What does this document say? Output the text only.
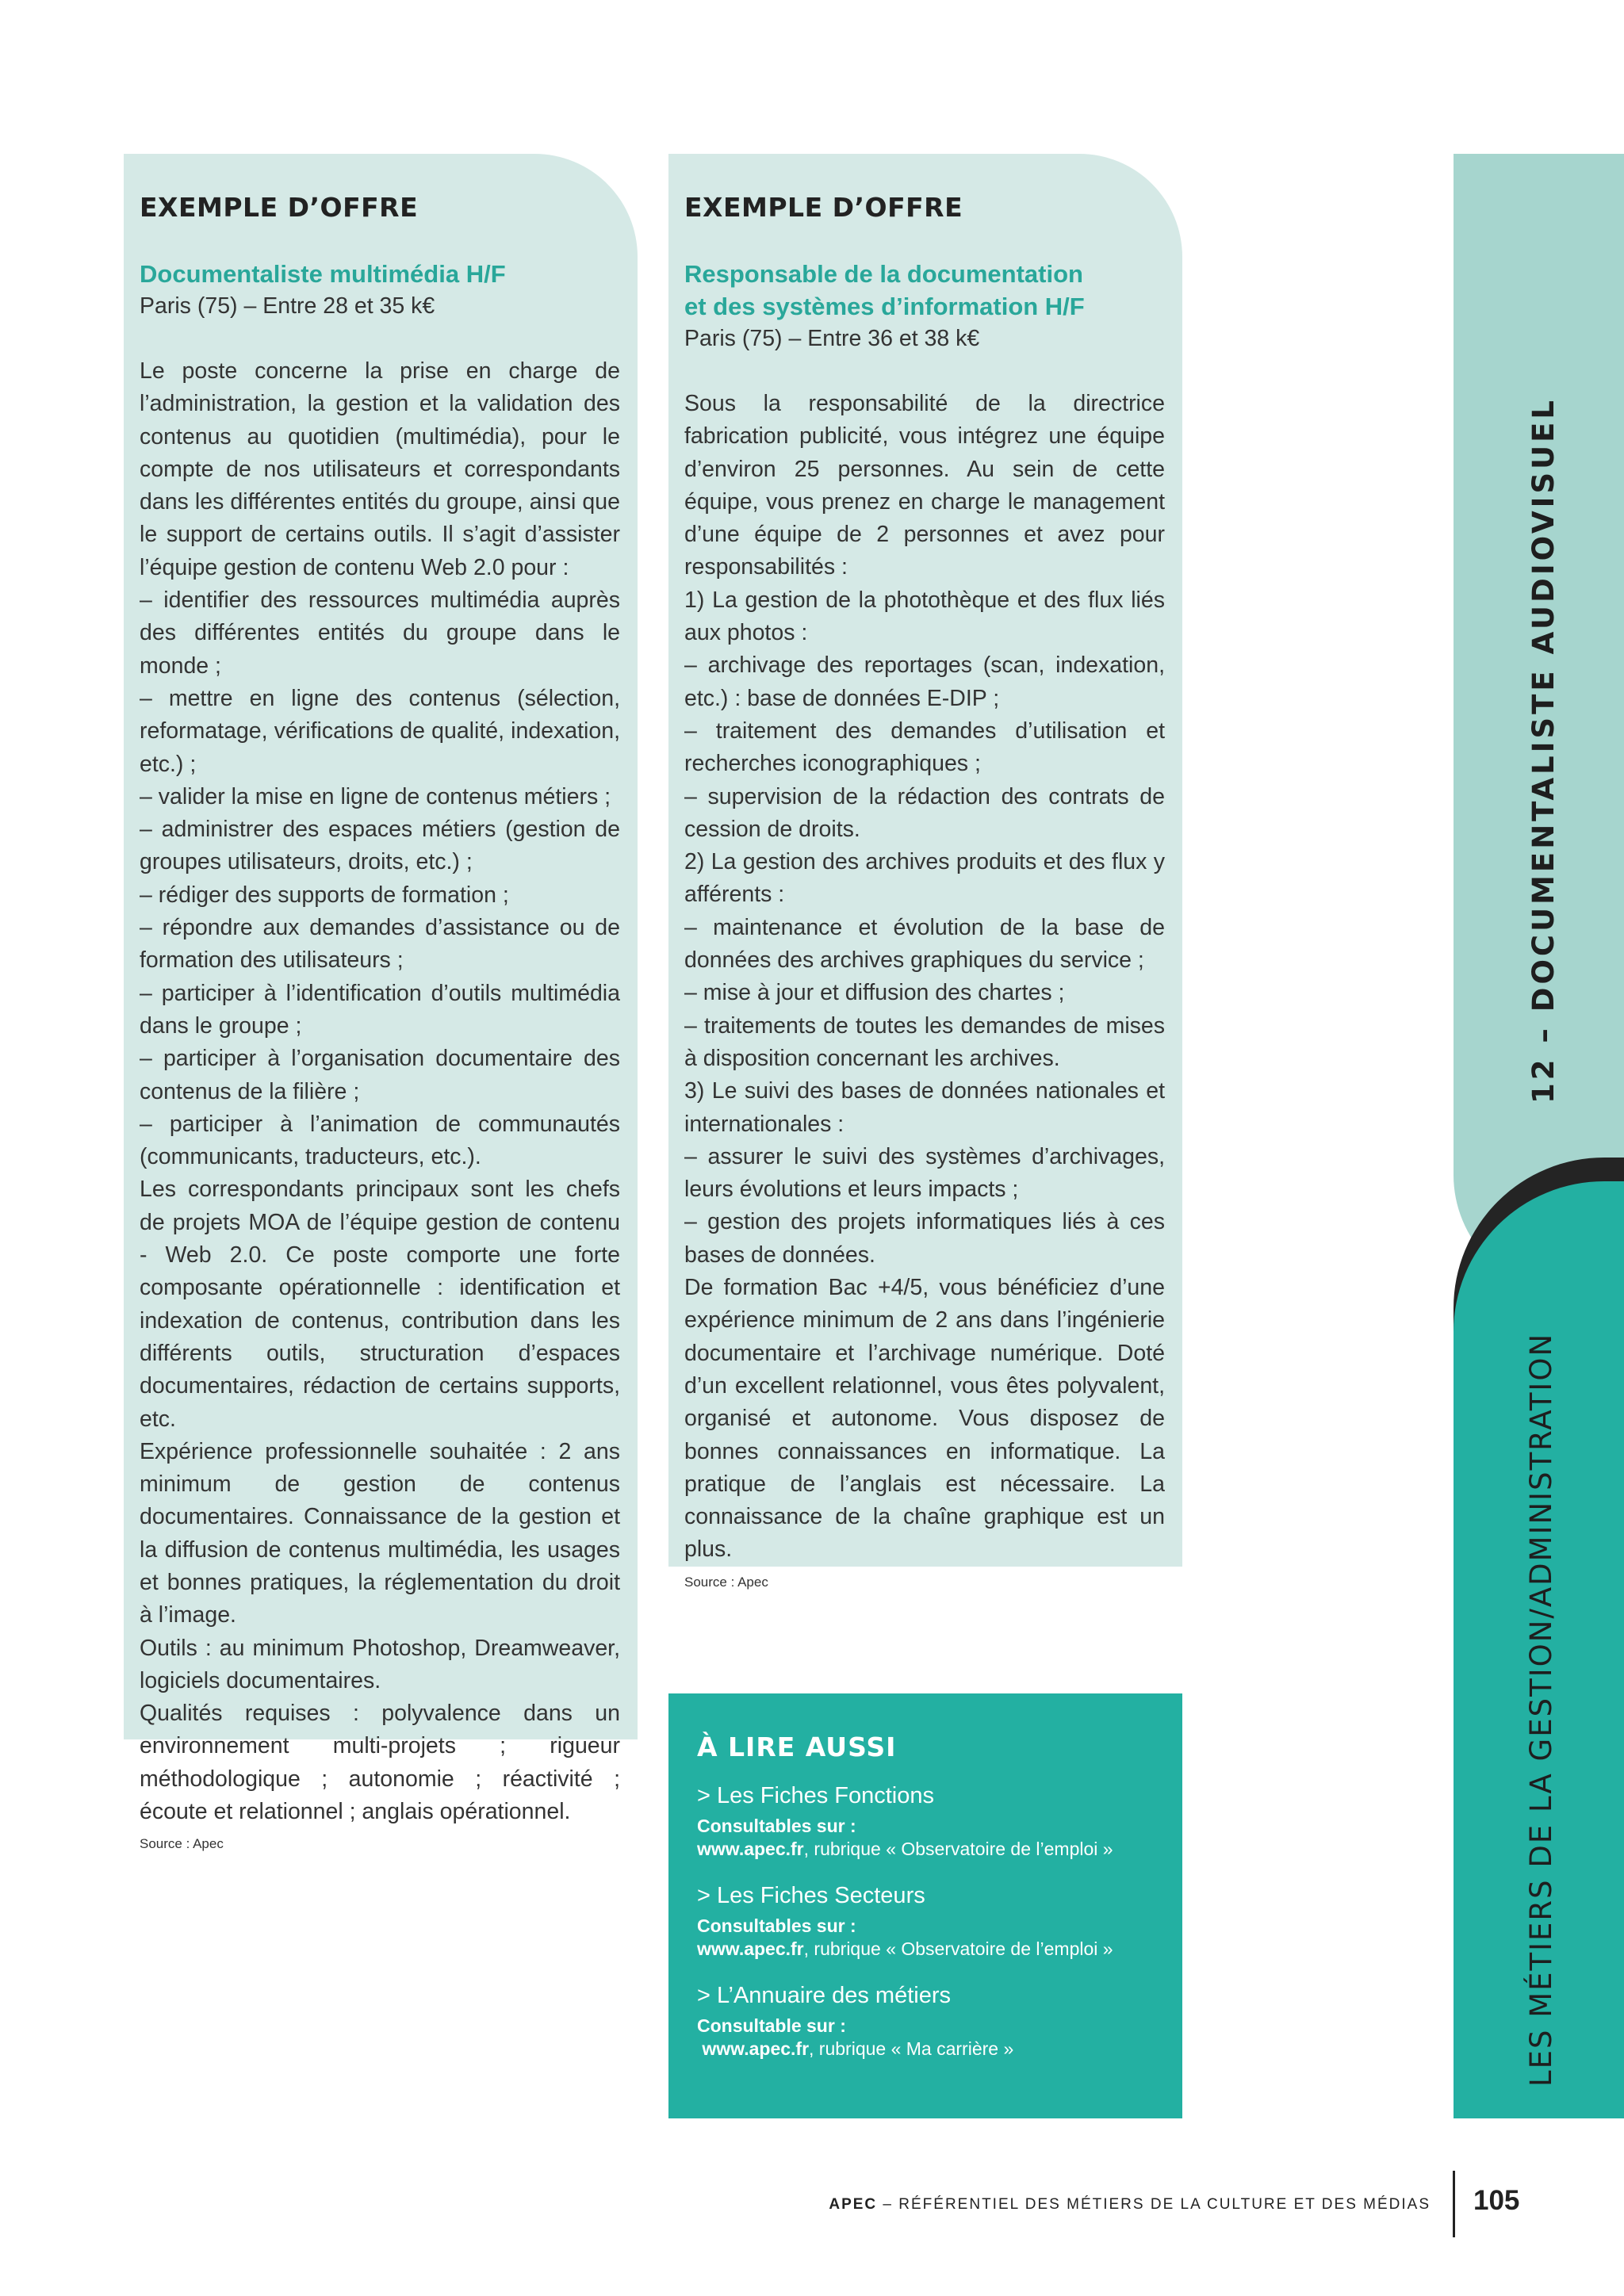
EXEMPLE D’OFFRE
Documentaliste multimédia H/F
Paris (75) – Entre 28 et 35 k€
Le poste concerne la prise en charge de l’administration, la gestion et la validation des contenus au quotidien (multimédia), pour le compte de nos utilisateurs et correspondants dans les différentes entités du groupe, ainsi que le support de certains outils. Il s’agit d’assister l’équipe gestion de contenu Web 2.0 pour :
– identifier des ressources multimédia auprès des différentes entités du groupe dans le monde ;
– mettre en ligne des contenus (sélection, reformatage, vérifications de qualité, indexation, etc.) ;
– valider la mise en ligne de contenus métiers ;
– administrer des espaces métiers (gestion de groupes utilisateurs, droits, etc.) ;
– rédiger des supports de formation ;
– répondre aux demandes d’assistance ou de formation des utilisateurs ;
– participer à l’identification d’outils multimédia dans le groupe ;
– participer à l’organisation documentaire des contenus de la filière ;
– participer à l’animation de communautés (communicants, traducteurs, etc.).
Les correspondants principaux sont les chefs de projets MOA de l’équipe gestion de contenu - Web 2.0. Ce poste comporte une forte composante opérationnelle : identification et indexation de contenus, contribution dans les différents outils, structuration d’espaces documentaires, rédaction de certains supports, etc.
Expérience professionnelle souhaitée : 2 ans minimum de gestion de contenus documentaires. Connaissance de la gestion et la diffusion de contenus multimédia, les usages et bonnes pratiques, la réglementation du droit à l’image.
Outils : au minimum Photoshop, Dreamweaver, logiciels documentaires.
Qualités requises : polyvalence dans un environnement multi-projets ; rigueur méthodologique ; autonomie ; réactivité ; écoute et relationnel ; anglais opérationnel.
Source : Apec
EXEMPLE D’OFFRE
Responsable de la documentation
et des systèmes d’information H/F
Paris (75) – Entre 36 et 38 k€
Sous la responsabilité de la directrice fabrication publicité, vous intégrez une équipe d’environ 25 personnes. Au sein de cette équipe, vous prenez en charge le management d’une équipe de 2 personnes et avez pour responsabilités :
1) La gestion de la photothèque et des flux liés aux photos :
– archivage des reportages (scan, indexation, etc.) : base de données E-DIP ;
– traitement des demandes d’utilisation et recherches iconographiques ;
– supervision de la rédaction des contrats de cession de droits.
2) La gestion des archives produits et des flux y afférents :
– maintenance et évolution de la base de données des archives graphiques du service ;
– mise à jour et diffusion des chartes ;
– traitements de toutes les demandes de mises à disposition concernant les archives.
3) Le suivi des bases de données nationales et internationales :
– assurer le suivi des systèmes d’archivages, leurs évolutions et leurs impacts ;
– gestion des projets informatiques liés à ces bases de données.
De formation Bac +4/5, vous bénéficiez d’une expérience minimum de 2 ans dans l’ingénierie documentaire et l’archivage numérique. Doté d’un excellent relationnel, vous êtes polyvalent, organisé et autonome. Vous disposez de bonnes connaissances en informatique. La pratique de l’anglais est nécessaire. La connaissance de la chaîne graphique est un plus.
Source : Apec
À LIRE AUSSI
> Les Fiches Fonctions
Consultables sur :
www.apec.fr, rubrique « Observatoire de l’emploi »
> Les Fiches Secteurs
Consultables sur :
www.apec.fr, rubrique « Observatoire de l’emploi »
> L’Annuaire des métiers
Consultable sur :
www.apec.fr, rubrique « Ma carrière »
12 – DOCUMENTALISTE AUDIOVISUEL
LES MÉTIERS DE LA GESTION/ADMINISTRATION
APEC – RÉFÉRENTIEL DES MÉTIERS DE LA CULTURE ET DES MÉDIAS 105
